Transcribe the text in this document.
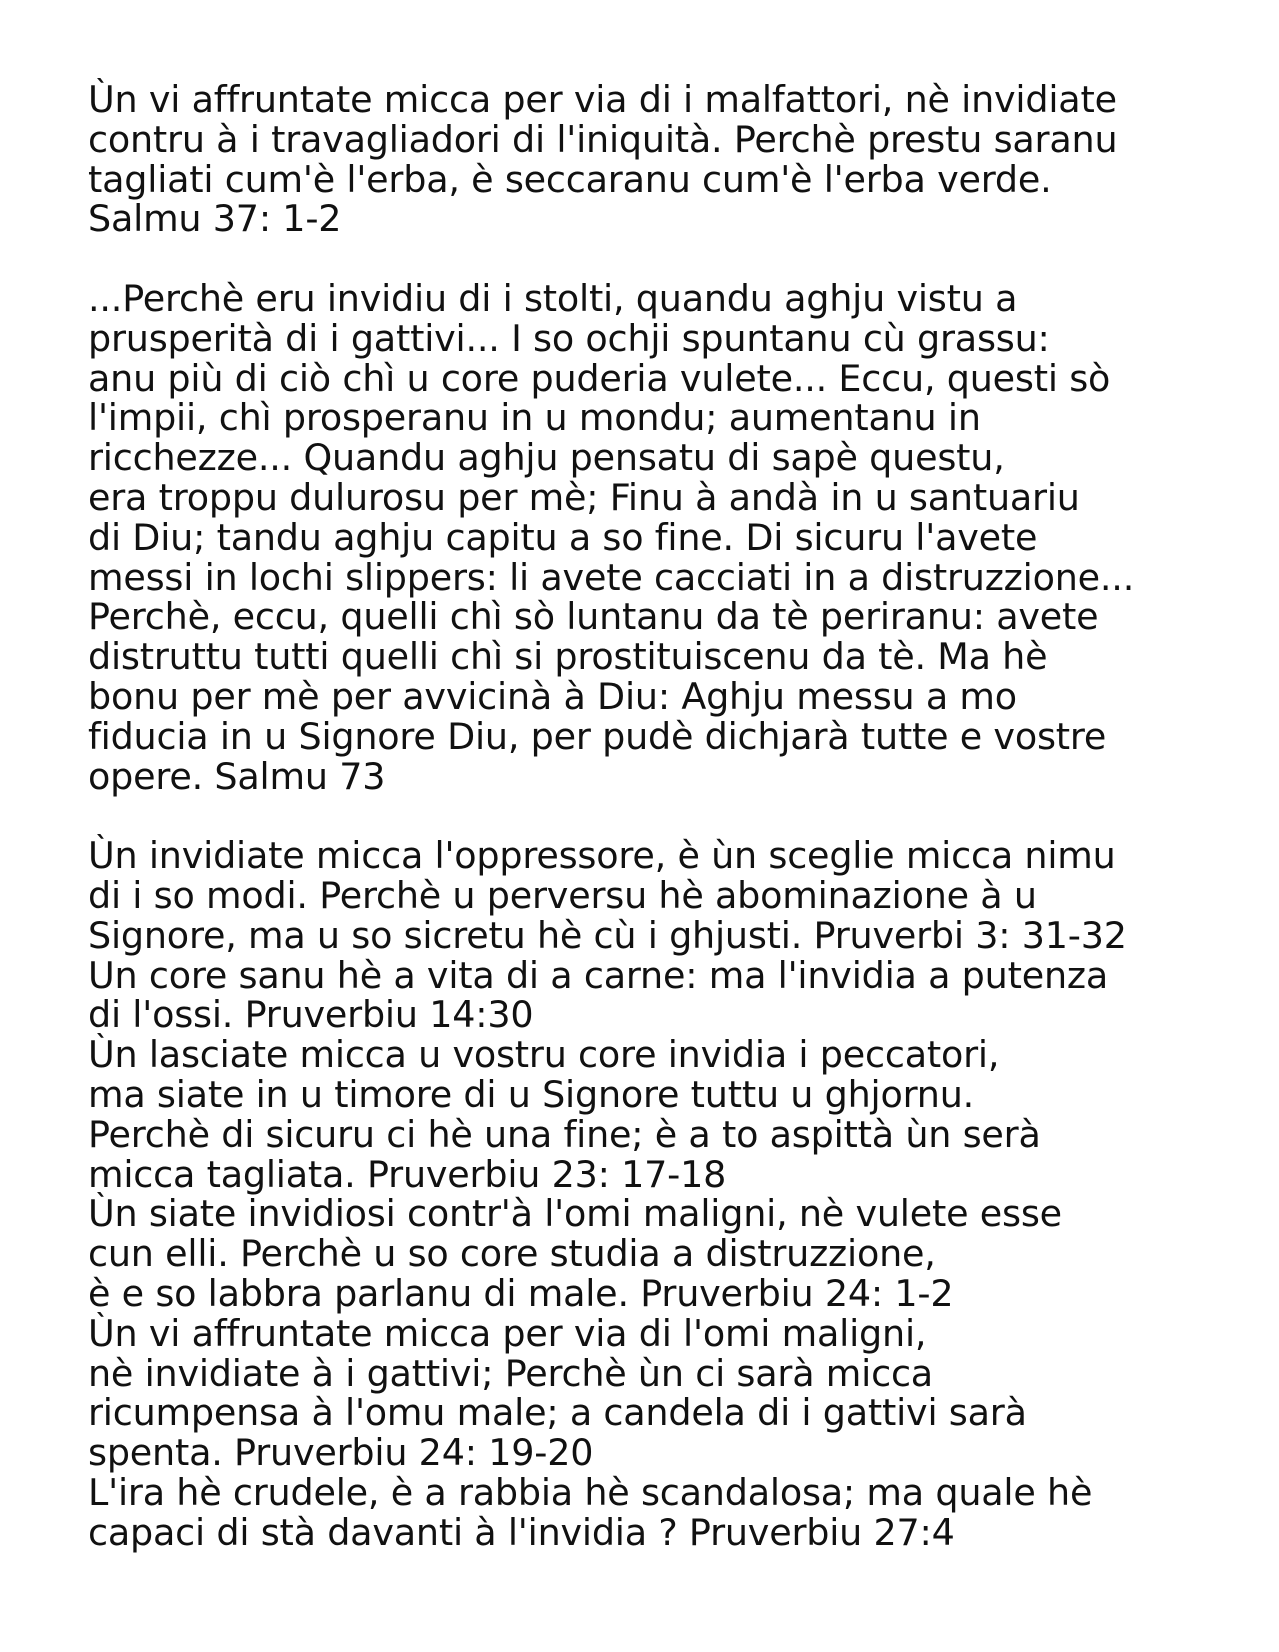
Ùn vi affruntate micca per via di i malfattori, nè invidiate
contru à i travagliadori di l'iniquità. Perchè prestu saranu
tagliati cum'è l'erba, è seccaranu cum'è l'erba verde.
Salmu 37: 1-2
...Perchè eru invidiu di i stolti, quandu aghju vistu a
prusperità di i gattivi... I so ochji spuntanu cù grassu:
anu più di ciò chì u core puderia vulete... Eccu, questi sò
l'impii, chì prosperanu in u mondu; aumentanu in
ricchezze... Quandu aghju pensatu di sapè questu,
era troppu dulurosu per mè; Finu à andà in u santuariu
di Diu; tandu aghju capitu a so fine. Di sicuru l'avete
messi in lochi slippers: li avete cacciati in a distruzzione...
Perchè, eccu, quelli chì sò luntanu da tè periranu: avete
distruttu tutti quelli chì si prostituiscenu da tè. Ma hè
bonu per mè per avvicinà à Diu: Aghju messu a mo
fiducia in u Signore Diu, per pudè dichjarà tutte e vostre
opere. Salmu 73
Ùn invidiate micca l'oppressore, è ùn sceglie micca nimu
di i so modi. Perchè u perversu hè abominazione à u
Signore, ma u so sicretu hè cù i ghjusti. Pruverbi 3: 31-32
Un core sanu hè a vita di a carne: ma l'invidia a putenza
di l'ossi. Pruverbiu 14:30
Ùn lasciate micca u vostru core invidia i peccatori,
ma siate in u timore di u Signore tuttu u ghjornu.
Perchè di sicuru ci hè una fine; è a to aspittà ùn serà
micca tagliata. Pruverbiu 23: 17-18
Ùn siate invidiosi contr'à l'omi maligni, nè vulete esse
cun elli. Perchè u so core studia a distruzzione,
è e so labbra parlanu di male. Pruverbiu 24: 1-2
Ùn vi affruntate micca per via di l'omi maligni,
nè invidiate à i gattivi; Perchè ùn ci sarà micca
ricumpensa à l'omu male; a candela di i gattivi sarà
spenta. Pruverbiu 24: 19-20
L'ira hè crudele, è a rabbia hè scandalosa; ma quale hè
capaci di stà davanti à l'invidia ? Pruverbiu 27:4
